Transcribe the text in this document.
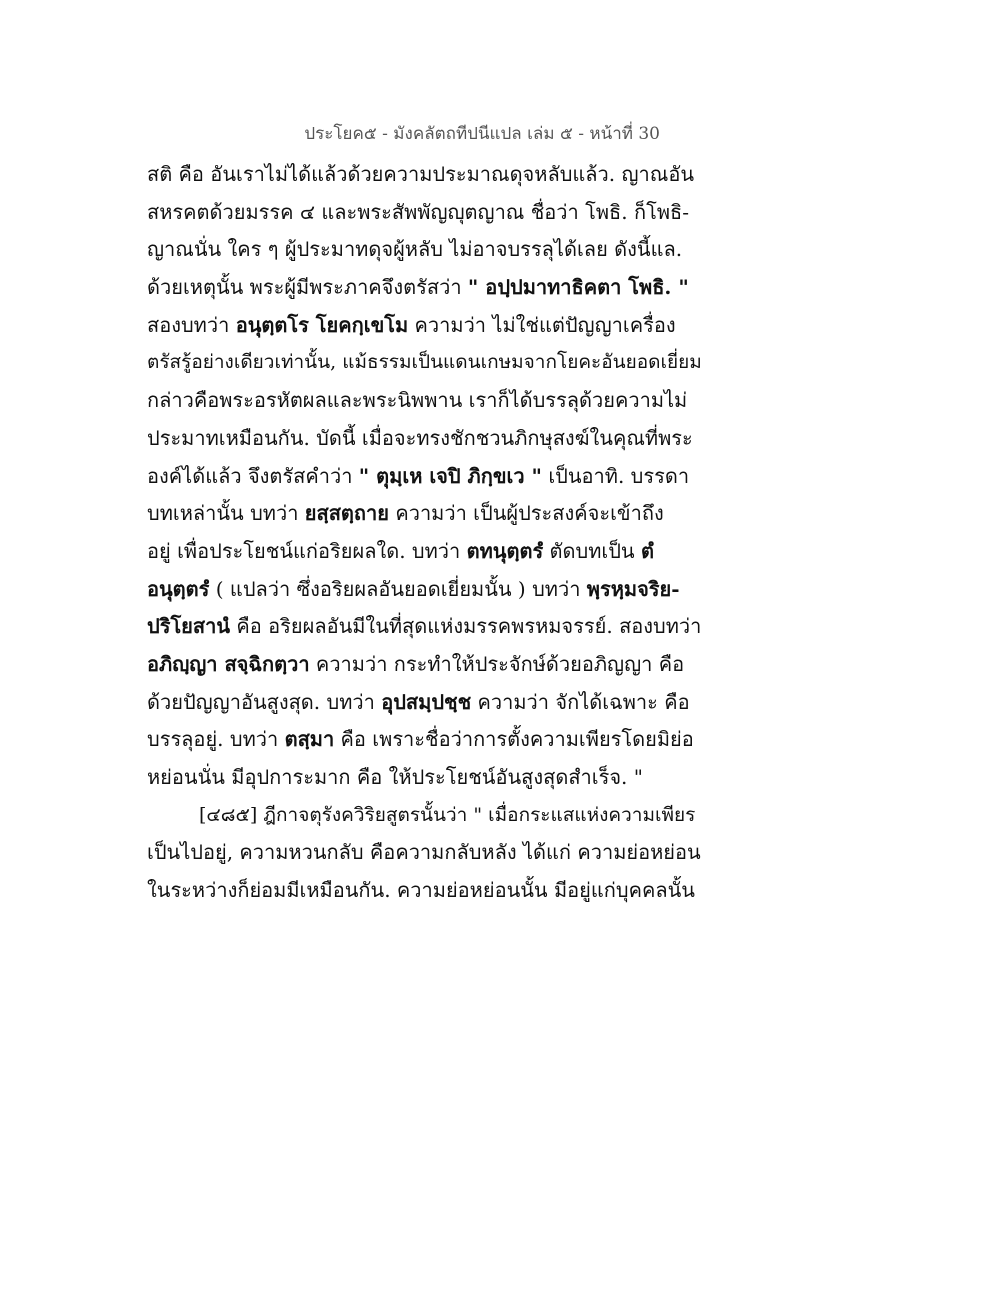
ประโยค๕ - มังคลัตถทีปนีแปล เล่ม ๕ - หน้าที่ 30
สติ คือ อันเราไม่ได้แล้วด้วยความประมาณดุจหลับแล้ว. ญาณอัน
สหรคตด้วยมรรค ๔ และพระสัพพัญญุตญาณ ชื่อว่า โพธิ. ก็โพธิ-
ญาณนั่น ใคร ๆ ผู้ประมาทดุจผู้หลับ ไม่อาจบรรลุได้เลย ดังนี้แล.
ด้วยเหตุนั้น พระผู้มีพระภาคจึงตรัสว่า " อปฺปมาทาธิคตา โพธิ. "
สองบทว่า อนุตฺตโร โยคกฺเขโม ความว่า ไม่ใช่แต่ปัญญาเครื่อง
ตรัสรู้อย่างเดียวเท่านั้น, แม้ธรรมเป็นแดนเกษมจากโยคะอันยอดเยี่ยม
กล่าวคือพระอรหัตผลและพระนิพพาน เราก็ได้บรรลุด้วยความไม่
ประมาทเหมือนกัน. บัดนี้ เมื่อจะทรงชักชวนภิกษุสงฆ์ในคุณที่พระ
องค์ได้แล้ว จึงตรัสคำว่า " ตุมฺเห เจปิ ภิกฺขเว " เป็นอาทิ. บรรดา
บทเหล่านั้น บทว่า ยสฺสตฺถาย ความว่า เป็นผู้ประสงค์จะเข้าถึง
อยู่ เพื่อประโยชน์แก่อริยผลใด. บทว่า ตทนุตฺตรํ ตัดบทเป็น ตํ
อนุตฺตรํ ( แปลว่า ซึ่งอริยผลอันยอดเยี่ยมนั้น ) บทว่า พฺรหฺมจริย-
ปริโยสานํ คือ อริยผลอันมีในที่สุดแห่งมรรคพรหมจรรย์. สองบทว่า
อภิญฺญา สจฺฉิกตฺวา ความว่า กระทำให้ประจักษ์ด้วยอภิญญา คือ
ด้วยปัญญาอันสูงสุด. บทว่า อุปสมฺปชฺช ความว่า จักได้เฉพาะ คือ
บรรลุอยู่. บทว่า ตสฺมา คือ เพราะชื่อว่าการตั้งความเพียรโดยมิย่อ
หย่อนนั่น มีอุปการะมาก คือ ให้ประโยชน์อันสูงสุดสำเร็จ. "
[๔๘๕] ฎีกาจตุรังควิริยสูตรนั้นว่า " เมื่อกระแสแห่งความเพียร
เป็นไปอยู่, ความหวนกลับ คือความกลับหลัง ได้แก่ ความย่อหย่อน
ในระหว่างก็ย่อมมีเหมือนกัน. ความย่อหย่อนนั้น มีอยู่แก่บุคคลนั้น
